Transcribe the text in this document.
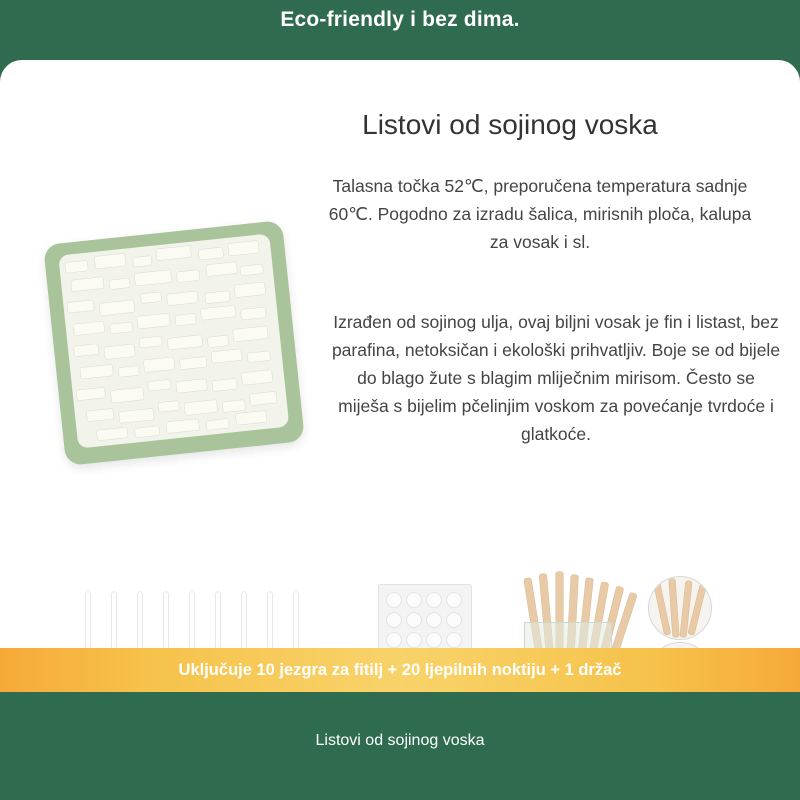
Eco-friendly i bez dima.
Listovi od sojinog voska
Talasna točka 52℃, preporučena temperatura sadnje 60℃. Pogodno za izradu šalica, mirisnih ploča, kalupa za vosak i sl.
Izrađen od sojinog ulja, ovaj biljni vosak je fin i listast, bez parafina, netoksičan i ekološki prihvatljiv. Boje se od bijele do blago žute s blagim mliječnim mirisom. Često se miješa s bijelim pčelinjim voskom za povećanje tvrdoće i glatkoće.
Uključuje 10 jezgra za fitilj + 20 ljepilnih noktiju + 1 držač
Listovi od sojinog voska
